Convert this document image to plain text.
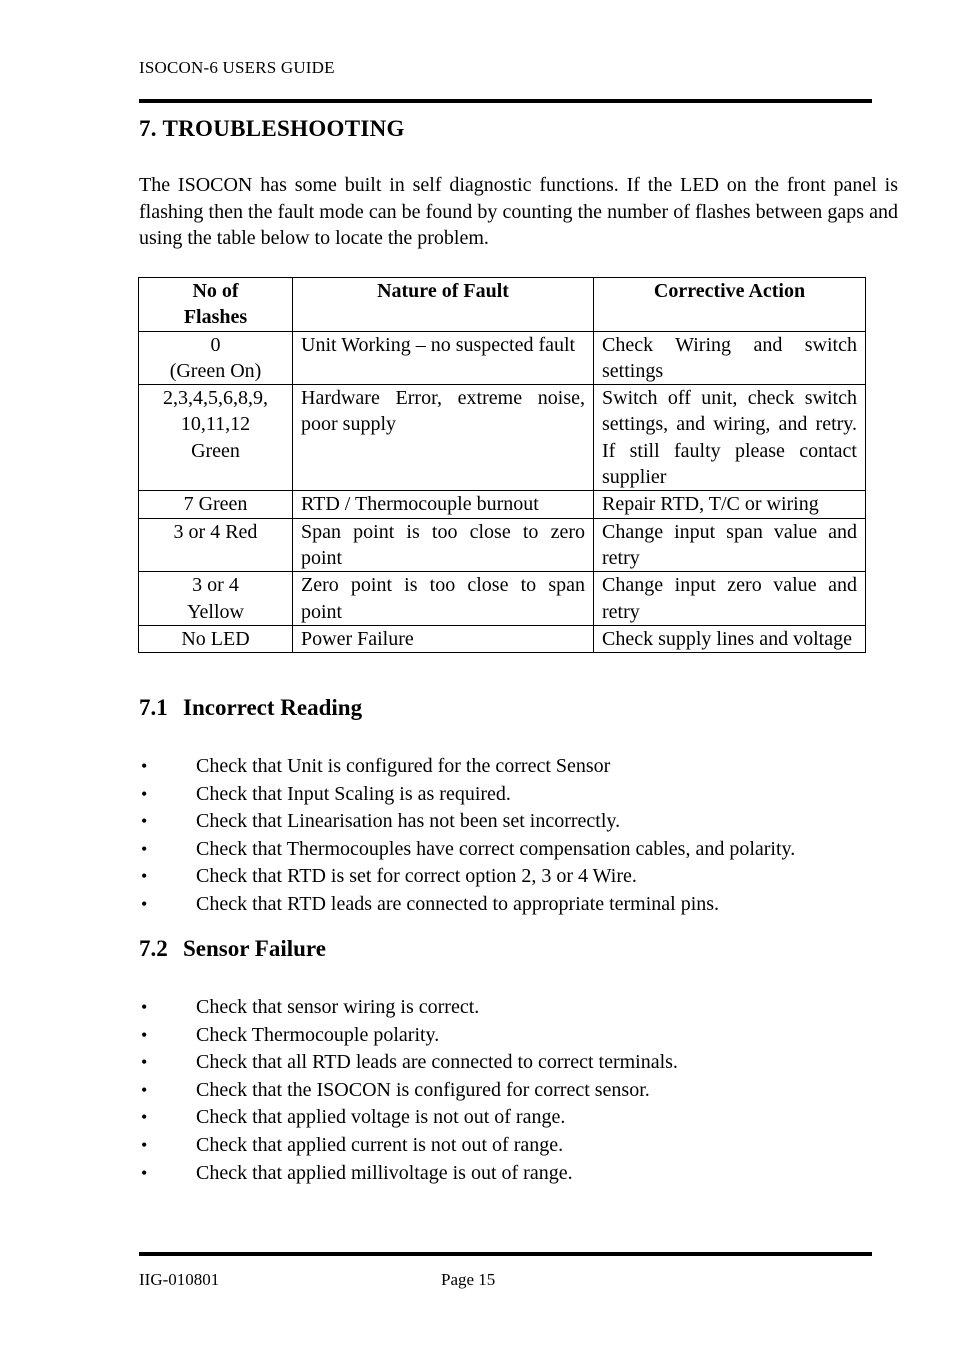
ISOCON-6 USERS GUIDE
7. TROUBLESHOOTING

The ISOCON has some built in self diagnostic functions. If the LED on the front panel is flashing then the fault mode can be found by counting the number of flashes between gaps and using the table below to locate the problem.

No of
Flashes	Nature of Fault	Corrective Action
0
(Green On)	Unit Working – no suspected fault	Check Wiring and switch settings
2,3,4,5,6,8,9,
10,11,12
Green	Hardware Error, extreme noise, poor supply	Switch off unit, check switch settings, and wiring, and retry. If still faulty please contact supplier
7 Green	RTD / Thermocouple burnout	Repair RTD, T/C or wiring
3 or 4 Red	Span point is too close to zero point	Change input span value and retry
3 or 4
Yellow	Zero point is too close to span point	Change input zero value and retry
No LED	Power Failure	Check supply lines and voltage
7.1 Incorrect Reading
• Check that Unit is configured for the correct Sensor
• Check that Input Scaling is as required.
• Check that Linearisation has not been set incorrectly.
• Check that Thermocouples have correct compensation cables, and polarity.
• Check that RTD is set for correct option 2, 3 or 4 Wire.
• Check that RTD leads are connected to appropriate terminal pins.
7.2 Sensor Failure
• Check that sensor wiring is correct.
• Check Thermocouple polarity.
• Check that all RTD leads are connected to correct terminals.
• Check that the ISOCON is configured for correct sensor.
• Check that applied voltage is not out of range.
• Check that applied current is not out of range.
• Check that applied millivoltage is out of range.
IIG-010801	Page 15
